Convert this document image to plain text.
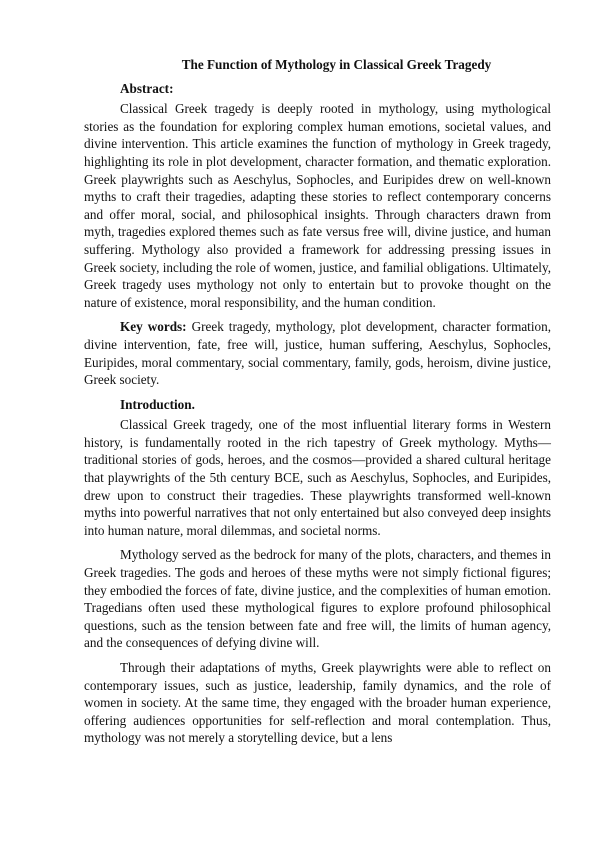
The Function of Mythology in Classical Greek Tragedy

Abstract:

Classical Greek tragedy is deeply rooted in mythology, using mythological stories as the foundation for exploring complex human emotions, societal values, and divine intervention. This article examines the function of mythology in Greek tragedy, highlighting its role in plot development, character formation, and thematic exploration. Greek playwrights such as Aeschylus, Sophocles, and Euripides drew on well-known myths to craft their tragedies, adapting these stories to reflect contemporary concerns and offer moral, social, and philosophical insights. Through characters drawn from myth, tragedies explored themes such as fate versus free will, divine justice, and human suffering. Mythology also provided a framework for addressing pressing issues in Greek society, including the role of women, justice, and familial obligations. Ultimately, Greek tragedy uses mythology not only to entertain but to provoke thought on the nature of existence, moral responsibility, and the human condition.

Key words: Greek tragedy, mythology, plot development, character formation, divine intervention, fate, free will, justice, human suffering, Aeschylus, Sophocles, Euripides, moral commentary, social commentary, family, gods, heroism, divine justice, Greek society.

Introduction.

Classical Greek tragedy, one of the most influential literary forms in Western history, is fundamentally rooted in the rich tapestry of Greek mythology. Myths—traditional stories of gods, heroes, and the cosmos—provided a shared cultural heritage that playwrights of the 5th century BCE, such as Aeschylus, Sophocles, and Euripides, drew upon to construct their tragedies. These playwrights transformed well-known myths into powerful narratives that not only entertained but also conveyed deep insights into human nature, moral dilemmas, and societal norms.

Mythology served as the bedrock for many of the plots, characters, and themes in Greek tragedies. The gods and heroes of these myths were not simply fictional figures; they embodied the forces of fate, divine justice, and the complexities of human emotion. Tragedians often used these mythological figures to explore profound philosophical questions, such as the tension between fate and free will, the limits of human agency, and the consequences of defying divine will.

Through their adaptations of myths, Greek playwrights were able to reflect on contemporary issues, such as justice, leadership, family dynamics, and the role of women in society. At the same time, they engaged with the broader human experience, offering audiences opportunities for self-reflection and moral contemplation. Thus, mythology was not merely a storytelling device, but a lens
